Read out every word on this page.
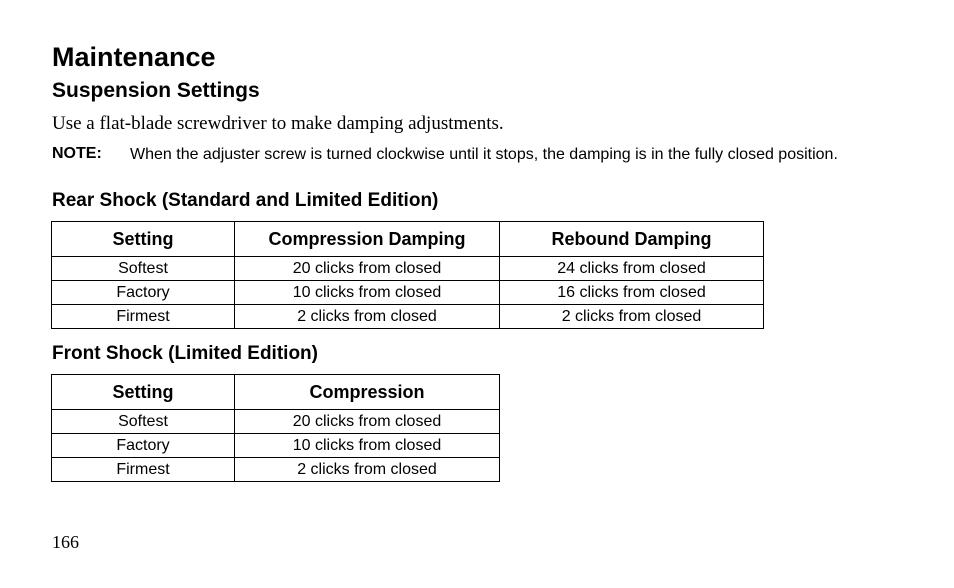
Maintenance
Suspension Settings

Use a flat-blade screwdriver to make damping adjustments.

NOTE: When the adjuster screw is turned clockwise until it stops, the damping is in the fully closed position.
Rear Shock (Standard and Limited Edition)
Setting	Compression Damping	Rebound Damping
Softest	20 clicks from closed	24 clicks from closed
Factory	10 clicks from closed	16 clicks from closed
Firmest	2 clicks from closed	2 clicks from closed
Front Shock (Limited Edition)
Setting	Compression
Softest	20 clicks from closed
Factory	10 clicks from closed
Firmest	2 clicks from closed
166
